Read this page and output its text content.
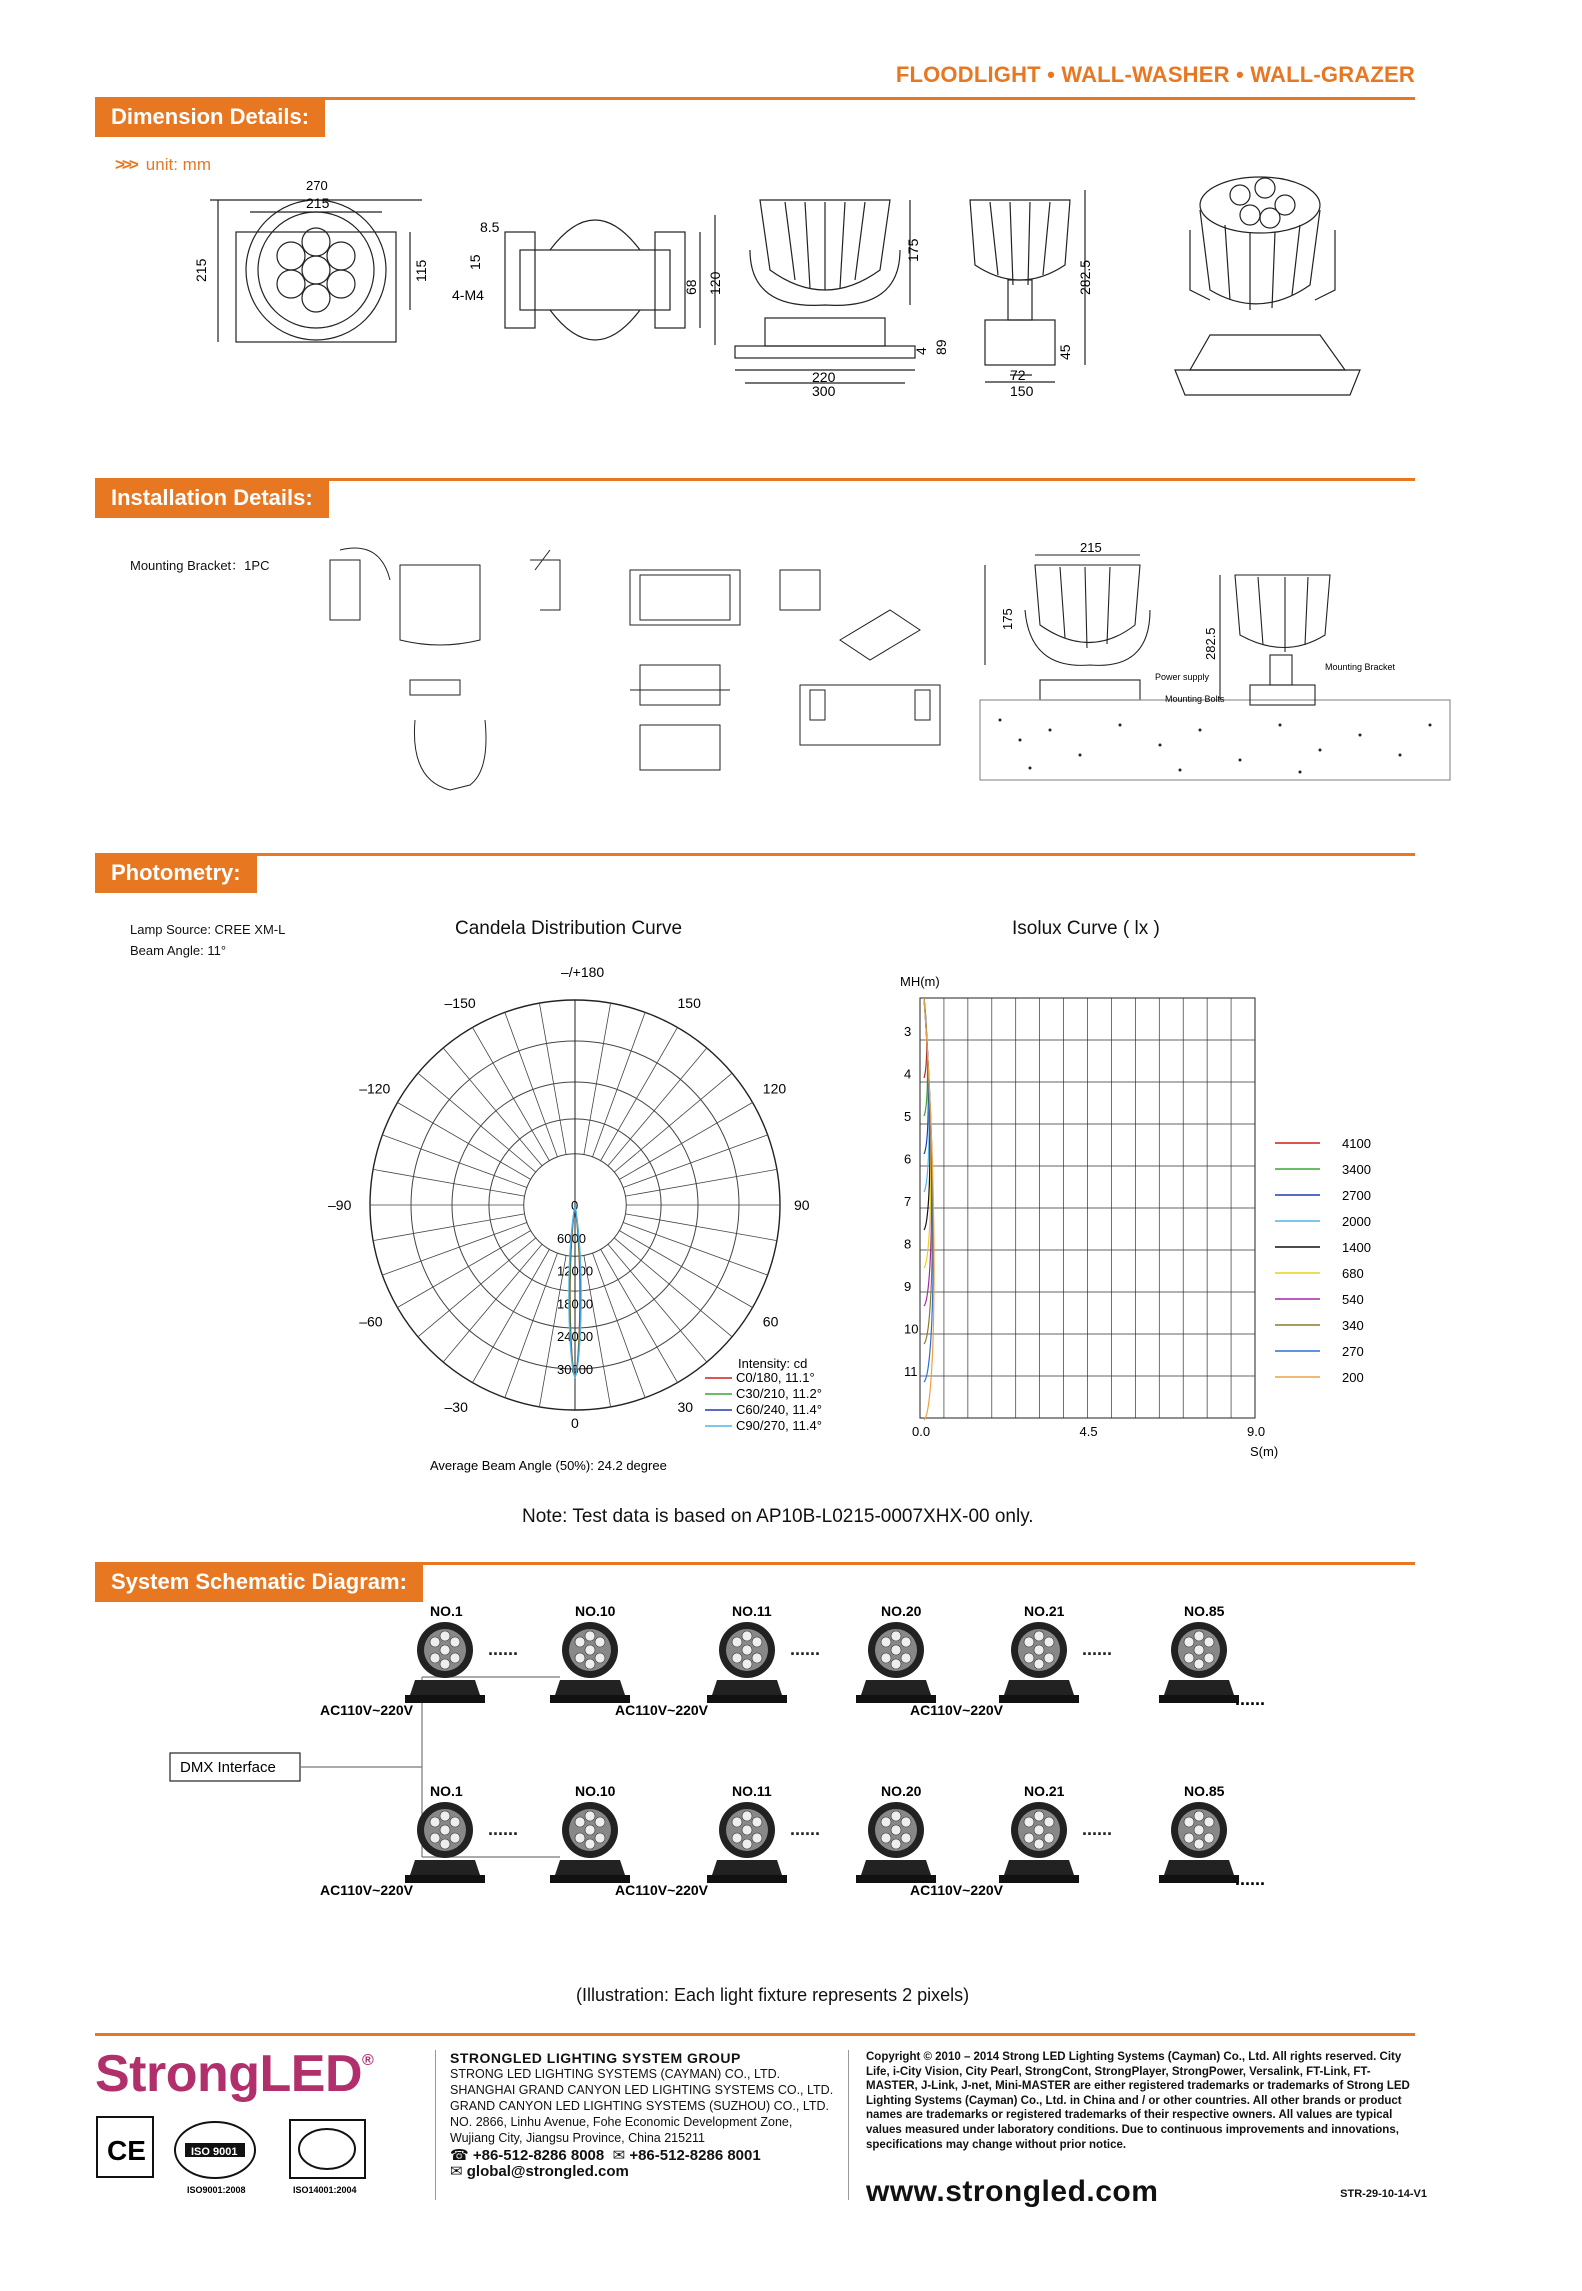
FLOODLIGHT • WALL-WASHER • WALL-GRAZER
Dimension Details:
>>> unit: mm
270
215
215	115
8.5
15
4-M4	68 120
175
4 89
220
300
72
150
45
282.5
Installation Details:
Mounting Bracket：1PC
215
175
282.5
Power supply
Mounting Bolts
Mounting Bracket
Photometry:
Lamp Source: CREE XM-L
Beam Angle: 11°
Candela Distribution Curve	Isolux Curve ( lx )
–/+180
–150	150
–120	120
–90	90
–60	60
–30	30
0
0
6000
12000
18000
24000
30000	Intensity: cd
C0/180, 11.1°
C30/210, 11.2°
C60/240, 11.4°
C90/270, 11.4°
Average Beam Angle (50%): 24.2 degree
MH(m)
3
4
5
6
7
8
9
10
11
0.0	4.5	9.0
S(m)
4100
3400
2700
2000
1400
680
540
340
270
200
Note: Test data is based on AP10B-L0215-0007XHX-00 only.
System Schematic Diagram:
DMX Interface
NO.1
......
NO.10	NO.11
......
NO.20	NO.21
......
NO.85
AC110V~220V	AC110V~220V	AC110V~220V
......
NO.1
......
NO.10	NO.11
......
NO.20	NO.21
......
NO.85
AC110V~220V	AC110V~220V	AC110V~220V
......
(Illustration: Each light fixture represents 2 pixels)
StrongLED®
CE	ISO 9001
ISO9001:2008	ISO14001:2004
STRONGLED LIGHTING SYSTEM GROUP
STRONG LED LIGHTING SYSTEMS (CAYMAN) CO., LTD.
SHANGHAI GRAND CANYON LED LIGHTING SYSTEMS CO., LTD.
GRAND CANYON LED LIGHTING SYSTEMS (SUZHOU) CO., LTD.
NO. 2866, Linhu Avenue, Fohe Economic Development Zone,
Wujiang City, Jiangsu Province, China 215211
☎ +86-512-8286 8008 ✉ +86-512-8286 8001
✉ global@strongled.com
Copyright © 2010 – 2014 Strong LED Lighting Systems (Cayman) Co., Ltd. All rights reserved. City Life, i-City Vision, City Pearl, StrongCont, StrongPlayer, StrongPower, Versalink, FT-Link, FT-MASTER, J-Link, J-net, Mini-MASTER are either registered trademarks or trademarks of Strong LED Lighting Systems (Cayman) Co., Ltd. in China and / or other countries. All other brands or product names are trademarks or registered trademarks of their respective owners. All values are typical values measured under laboratory conditions. Due to continuous improvements and innovations, specifications may change without prior notice.
www.strongled.com	STR-29-10-14-V1
